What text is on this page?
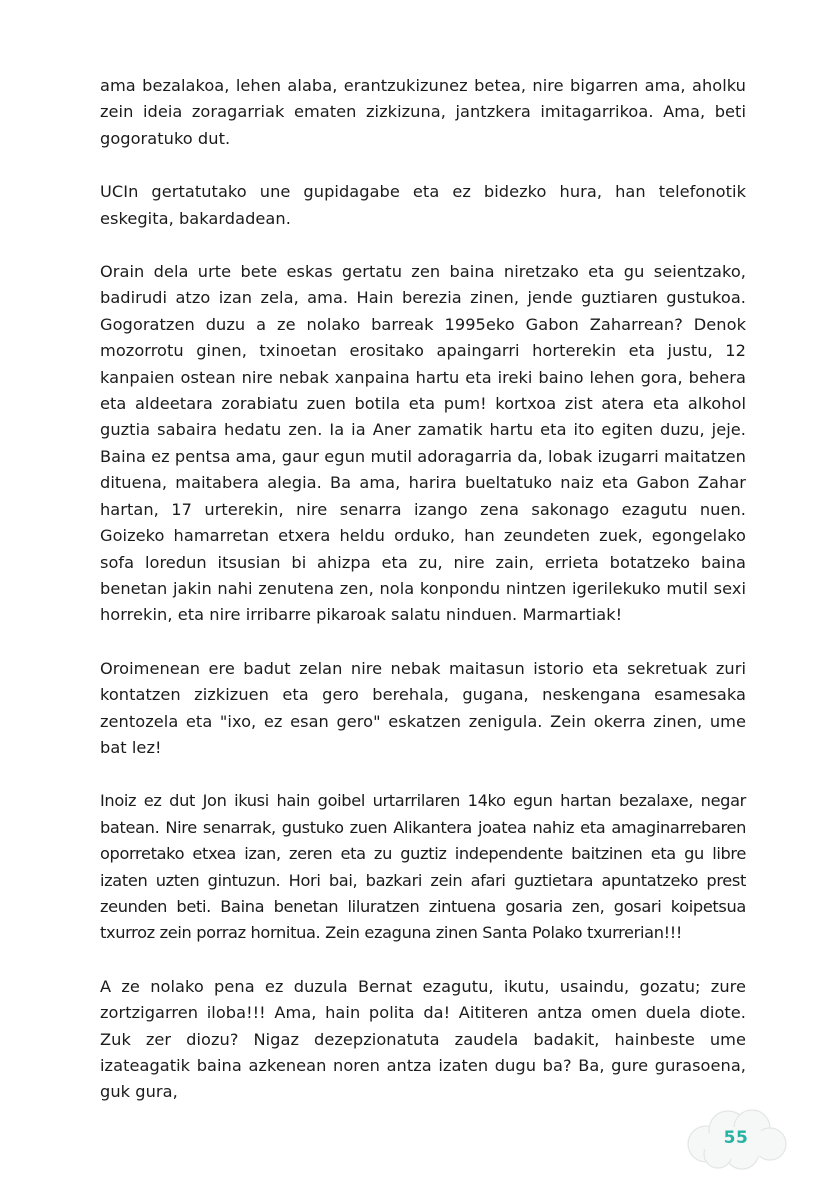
ama bezalakoa, lehen alaba, erantzukizunez betea, nire bigarren ama, aholku zein ideia zoragarriak ematen zizkizuna, jantzkera imitagarrikoa. Ama, beti gogoratuko dut.

UCIn gertatutako une gupidagabe eta ez bidezko hura, han telefonotik eskegita, bakardadean.

Orain dela urte bete eskas gertatu zen baina niretzako eta gu seientzako, badirudi atzo izan zela, ama. Hain berezia zinen, jende guztiaren gustukoa. Gogoratzen duzu a ze nolako barreak 1995eko Gabon Zaharrean? Denok mozorrotu ginen, txinoetan erositako apaingarri horterekin eta justu, 12 kanpaien ostean nire nebak xanpaina hartu eta ireki baino lehen gora, behera eta aldeetara zorabiatu zuen botila eta pum! kortxoa zist atera eta alkohol guztia sabaira hedatu zen. Ia ia Aner zamatik hartu eta ito egiten duzu, jeje. Baina ez pentsa ama, gaur egun mutil adoragarria da, lobak izugarri maitatzen dituena, maitabera alegia. Ba ama, harira bueltatuko naiz eta Gabon Zahar hartan, 17 urterekin, nire senarra izango zena sakonago ezagutu nuen. Goizeko hamarretan etxera heldu orduko, han zeundeten zuek, egongelako sofa loredun itsusian bi ahizpa eta zu, nire zain, errieta botatzeko baina benetan jakin nahi zenutena zen, nola konpondu nintzen igerilekuko mutil sexi horrekin, eta nire irribarre pikaroak salatu ninduen. Marmartiak!

Oroimenean ere badut zelan nire nebak maitasun istorio eta sekretuak zuri kontatzen zizkizuen eta gero berehala, gugana, neskengana esamesaka zentozela eta "ixo, ez esan gero" eskatzen zenigula. Zein okerra zinen, ume bat lez!

Inoiz ez dut Jon ikusi hain goibel urtarrilaren 14ko egun hartan bezalaxe, negar batean. Nire senarrak, gustuko zuen Alikantera joatea nahiz eta amaginarrebaren oporretako etxea izan, zeren eta zu guztiz independente baitzinen eta gu libre izaten uzten gintuzun. Hori bai, bazkari zein afari guztietara apuntatzeko prest zeunden beti. Baina benetan liluratzen zintuena gosaria zen, gosari koipetsua txurroz zein porraz hornitua. Zein ezaguna zinen Santa Polako txurrerian!!!

A ze nolako pena ez duzula Bernat ezagutu, ikutu, usaindu, gozatu; zure zortzigarren iloba!!! Ama, hain polita da! Aititeren antza omen duela diote. Zuk zer diozu? Nigaz dezepzionatuta zaudela badakit, hainbeste ume izateagatik baina azkenean noren antza izaten dugu ba? Ba, gure gurasoena, guk gura,

55
